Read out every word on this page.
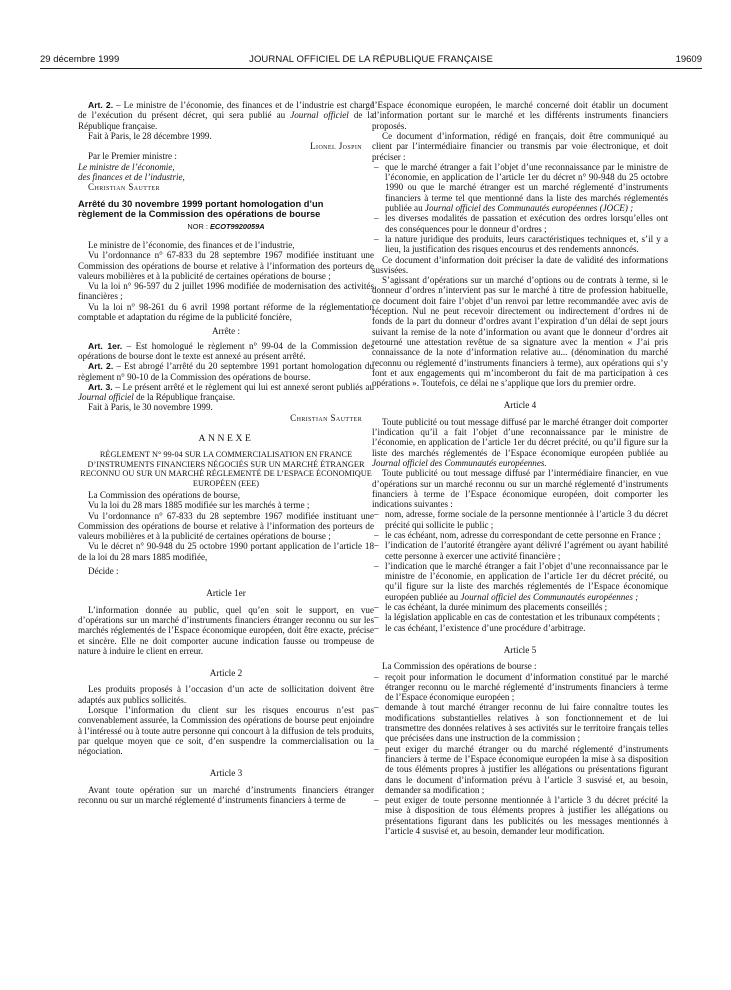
29 décembre 1999	JOURNAL OFFICIEL DE LA RÉPUBLIQUE FRANÇAISE	19609

Art. 2. – Le ministre de l’économie, des finances et de l’industrie est chargé de l’exécution du présent décret, qui sera publié au Journal officiel de la République française.

Fait à Paris, le 28 décembre 1999.

Lionel Jospin

Par le Premier ministre :

Le ministre de l’économie,

des finances et de l’industrie,

Christian Sautter

Arrêté du 30 novembre 1999 portant homologation d’un règlement de la Commission des opérations de bourse
NOR : ECOT9920059A

Le ministre de l’économie, des finances et de l’industrie,

Vu l’ordonnance n° 67-833 du 28 septembre 1967 modifiée instituant une Commission des opérations de bourse et relative à l’information des porteurs de valeurs mobilières et à la publicité de certaines opérations de bourse ;

Vu la loi n° 96-597 du 2 juillet 1996 modifiée de modernisation des activités financières ;

Vu la loi n° 98-261 du 6 avril 1998 portant réforme de la réglementation comptable et adaptation du régime de la publicité foncière,

Arrête :

Art. 1er. – Est homologué le règlement n° 99-04 de la Commission des opérations de bourse dont le texte est annexé au présent arrêté.

Art. 2. – Est abrogé l’arrêté du 20 septembre 1991 portant homologation du règlement n° 90-10 de la Commission des opérations de bourse.

Art. 3. – Le présent arrêté et le règlement qui lui est annexé seront publiés au Journal officiel de la République française.

Fait à Paris, le 30 novembre 1999.

Christian Sautter

ANNEXE
RÈGLEMENT N° 99-04 SUR LA COMMERCIALISATION EN FRANCE D’INSTRUMENTS FINANCIERS NÉGOCIÉS SUR UN MARCHÉ ÉTRANGER RECONNU OU SUR UN MARCHÉ RÉGLEMENTÉ DE L’ESPACE ÉCONOMIQUE EUROPÉEN (EEE)

La Commission des opérations de bourse,

Vu la loi du 28 mars 1885 modifiée sur les marchés à terme ;

Vu l’ordonnance n° 67-833 du 28 septembre 1967 modifiée instituant une Commission des opérations de bourse et relative à l’information des porteurs de valeurs mobilières et à la publicité de certaines opérations de bourse ;

Vu le décret n° 90-948 du 25 octobre 1990 portant application de l’article 18 de la loi du 28 mars 1885 modifiée,

Décide :

Article 1er

L’information donnée au public, quel qu’en soit le support, en vue d’opérations sur un marché d’instruments financiers étranger reconnu ou sur les marchés réglementés de l’Espace économique européen, doit être exacte, précise et sincère. Elle ne doit comporter aucune indication fausse ou trompeuse de nature à induire le client en erreur.

Article 2

Les produits proposés à l’occasion d’un acte de sollicitation doivent être adaptés aux publics sollicités.

Lorsque l’information du client sur les risques encourus n’est pas convenablement assurée, la Commission des opérations de bourse peut enjoindre à l’intéressé ou à toute autre personne qui concourt à la diffusion de tels produits, par quelque moyen que ce soit, d’en suspendre la commercialisation ou la négociation.

Article 3

Avant toute opération sur un marché d’instruments financiers étranger reconnu ou sur un marché réglementé d’instruments financiers à terme de

l’Espace économique européen, le marché concerné doit établir un document d’information portant sur le marché et les différents instruments financiers proposés.

Ce document d’information, rédigé en français, doit être communiqué au client par l’intermédiaire financier ou transmis par voie électronique, et doit préciser :

– que le marché étranger a fait l’objet d’une reconnaissance par le ministre de l’économie, en application de l’article 1er du décret n° 90-948 du 25 octobre 1990 ou que le marché étranger est un marché réglementé d’instruments financiers à terme tel que mentionné dans la liste des marchés réglementés publiée au Journal officiel des Communautés européennes (JOCE) ;
– les diverses modalités de passation et exécution des ordres lorsqu’elles ont des conséquences pour le donneur d’ordres ;
– la nature juridique des produits, leurs caractéristiques techniques et, s’il y a lieu, la justification des risques encourus et des rendements annoncés.

Ce document d’information doit préciser la date de validité des informations susvisées.

S’agissant d’opérations sur un marché d’options ou de contrats à terme, si le donneur d’ordres n’intervient pas sur le marché à titre de profession habituelle, ce document doit faire l’objet d’un renvoi par lettre recommandée avec avis de réception. Nul ne peut recevoir directement ou indirectement d’ordres ni de fonds de la part du donneur d’ordres avant l’expiration d’un délai de sept jours suivant la remise de la note d’information ou avant que le donneur d’ordres ait retourné une attestation revêtue de sa signature avec la mention « J’ai pris connaissance de la note d’information relative au... (dénomination du marché reconnu ou réglementé d’instruments financiers à terme), aux opérations qui s’y font et aux engagements qui m’incomberont du fait de ma participation à ces opérations ». Toutefois, ce délai ne s’applique que lors du premier ordre.

Article 4

Toute publicité ou tout message diffusé par le marché étranger doit comporter l’indication qu’il a fait l’objet d’une reconnaissance par le ministre de l’économie, en application de l’article 1er du décret précité, ou qu’il figure sur la liste des marchés réglementés de l’Espace économique européen publiée au Journal officiel des Communautés européennes.

Toute publicité ou tout message diffusé par l’intermédiaire financier, en vue d’opérations sur un marché reconnu ou sur un marché réglementé d’instruments financiers à terme de l’Espace économique européen, doit comporter les indications suivantes :

– nom, adresse, forme sociale de la personne mentionnée à l’article 3 du décret précité qui sollicite le public ;
– le cas échéant, nom, adresse du correspondant de cette personne en France ;
– l’indication de l’autorité étrangère ayant délivré l’agrément ou ayant habilité cette personne à exercer une activité financière ;
– l’indication que le marché étranger a fait l’objet d’une reconnaissance par le ministre de l’économie, en application de l’article 1er du décret précité, ou qu’il figure sur la liste des marchés réglementés de l’Espace économique européen publiée au Journal officiel des Communautés européennes ;
– le cas échéant, la durée minimum des placements conseillés ;
– la législation applicable en cas de contestation et les tribunaux compétents ;
– le cas échéant, l’existence d’une procédure d’arbitrage.
Article 5

La Commission des opérations de bourse :

– reçoit pour information le document d’information constitué par le marché étranger reconnu ou le marché réglementé d’instruments financiers à terme de l’Espace économique européen ;
– demande à tout marché étranger reconnu de lui faire connaître toutes les modifications substantielles relatives à son fonctionnement et de lui transmettre des données relatives à ses activités sur le territoire français telles que précisées dans une instruction de la commission ;
– peut exiger du marché étranger ou du marché réglementé d’instruments financiers à terme de l’Espace économique européen la mise à sa disposition de tous éléments propres à justifier les allégations ou présentations figurant dans le document d’information prévu à l’article 3 susvisé et, au besoin, demander sa modification ;
– peut exiger de toute personne mentionnée à l’article 3 du décret précité la mise à disposition de tous éléments propres à justifier les allégations ou présentations figurant dans les publicités ou les messages mentionnés à l’article 4 susvisé et, au besoin, demander leur modification.
